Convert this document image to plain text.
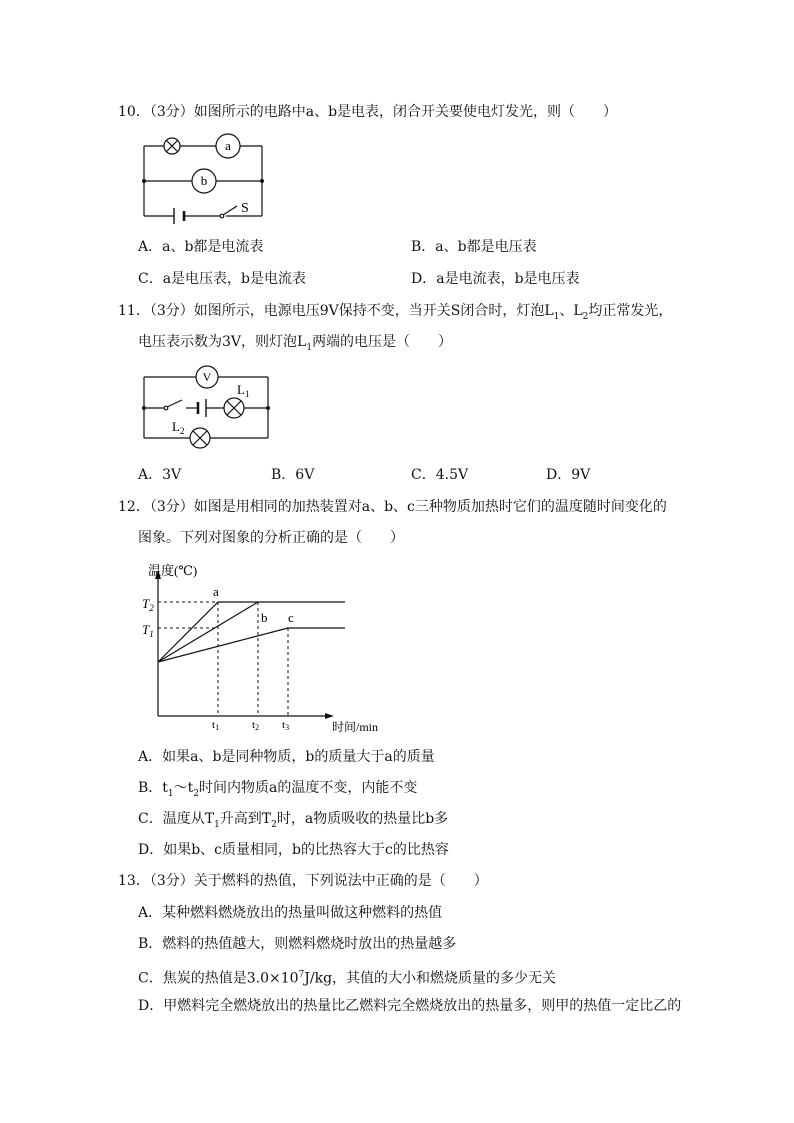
10．（3分）如图所示的电路中a、b是电表，闭合开关要使电灯发光，则（　　）
a
b
S
A．a、b都是电流表	B．a、b都是电压表
C．a是电压表，b是电流表	D．a是电流表，b是电压表
11．（3分）如图所示，电源电压9V保持不变，当开关S闭合时，灯泡$L_1$、$L_2$均正常发光，
电压表示数为3V，则灯泡$L_1$两端的电压是（　　）
V
$L_1$
$L_2$
A．3V	B．6V	C．4.5V	D．9V
12．（3分）如图是用相同的加热装置对a、b、c三种物质加热时它们的温度随时间变化的
图象。下列对图象的分析正确的是（　　）
温度(℃)
时间/min
a
b c
$T_2$
$T_1$
t1	t2 t3
A．如果a、b是同种物质，b的质量大于a的质量
B．$t_1\sim t_2$时间内物质a的温度不变，内能不变
C．温度从$T_1$升高到$T_2$时，a物质吸收的热量比b多
D．如果b、c质量相同，b的比热容大于c的比热容
13．（3分）关于燃料的热值，下列说法中正确的是（　　）
A．某种燃料燃烧放出的热量叫做这种燃料的热值
B．燃料的热值越大，则燃料燃烧时放出的热量越多
C．焦炭的热值是$3.0\times 10^7J/kg$，其值的大小和燃烧质量的多少无关
D．甲燃料完全燃烧放出的热量比乙燃料完全燃烧放出的热量多，则甲的热值一定比乙的
